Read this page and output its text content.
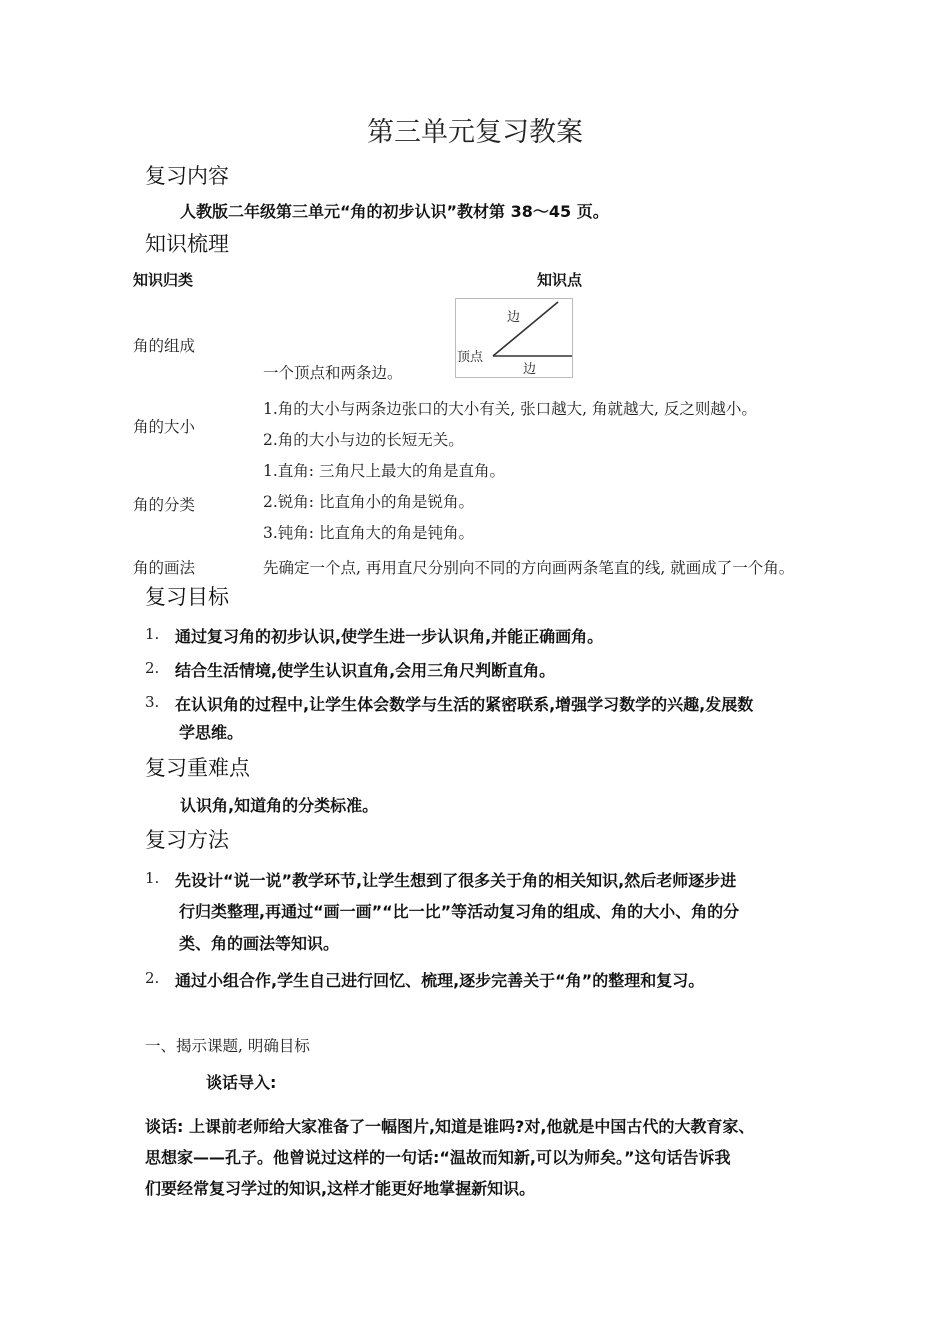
第三单元复习教案
复习内容
人教版二年级第三单元“角的初步认识”教材第 38～45 页。
知识梳理
知识归类	知识点
角的组成
一个顶点和两条边。
边
顶点
边
角的大小
1.角的大小与两条边张口的大小有关, 张口越大, 角就越大, 反之则越小。
2.角的大小与边的长短无关。
角的分类
1.直角: 三角尺上最大的角是直角。
2.锐角: 比直角小的角是锐角。
3.钝角: 比直角大的角是钝角。
角的画法	先确定一个点, 再用直尺分别向不同的方向画两条笔直的线, 就画成了一个角。
复习目标
1. 通过复习角的初步认识,使学生进一步认识角,并能正确画角。
2. 结合生活情境,使学生认识直角,会用三角尺判断直角。
3. 在认识角的过程中,让学生体会数学与生活的紧密联系,增强学习数学的兴趣,发展数
学思维。
复习重难点
认识角,知道角的分类标准。
复习方法
1. 先设计“说一说”教学环节,让学生想到了很多关于角的相关知识,然后老师逐步进
行归类整理,再通过“画一画”“比一比”等活动复习角的组成、角的大小、角的分
类、角的画法等知识。
2. 通过小组合作,学生自己进行回忆、梳理,逐步完善关于“角”的整理和复习。
一、揭示课题, 明确目标
谈话导入:
谈话: 上课前老师给大家准备了一幅图片,知道是谁吗?对,他就是中国古代的大教育家、
思想家——孔子。他曾说过这样的一句话:“温故而知新,可以为师矣。”这句话告诉我
们要经常复习学过的知识,这样才能更好地掌握新知识。
